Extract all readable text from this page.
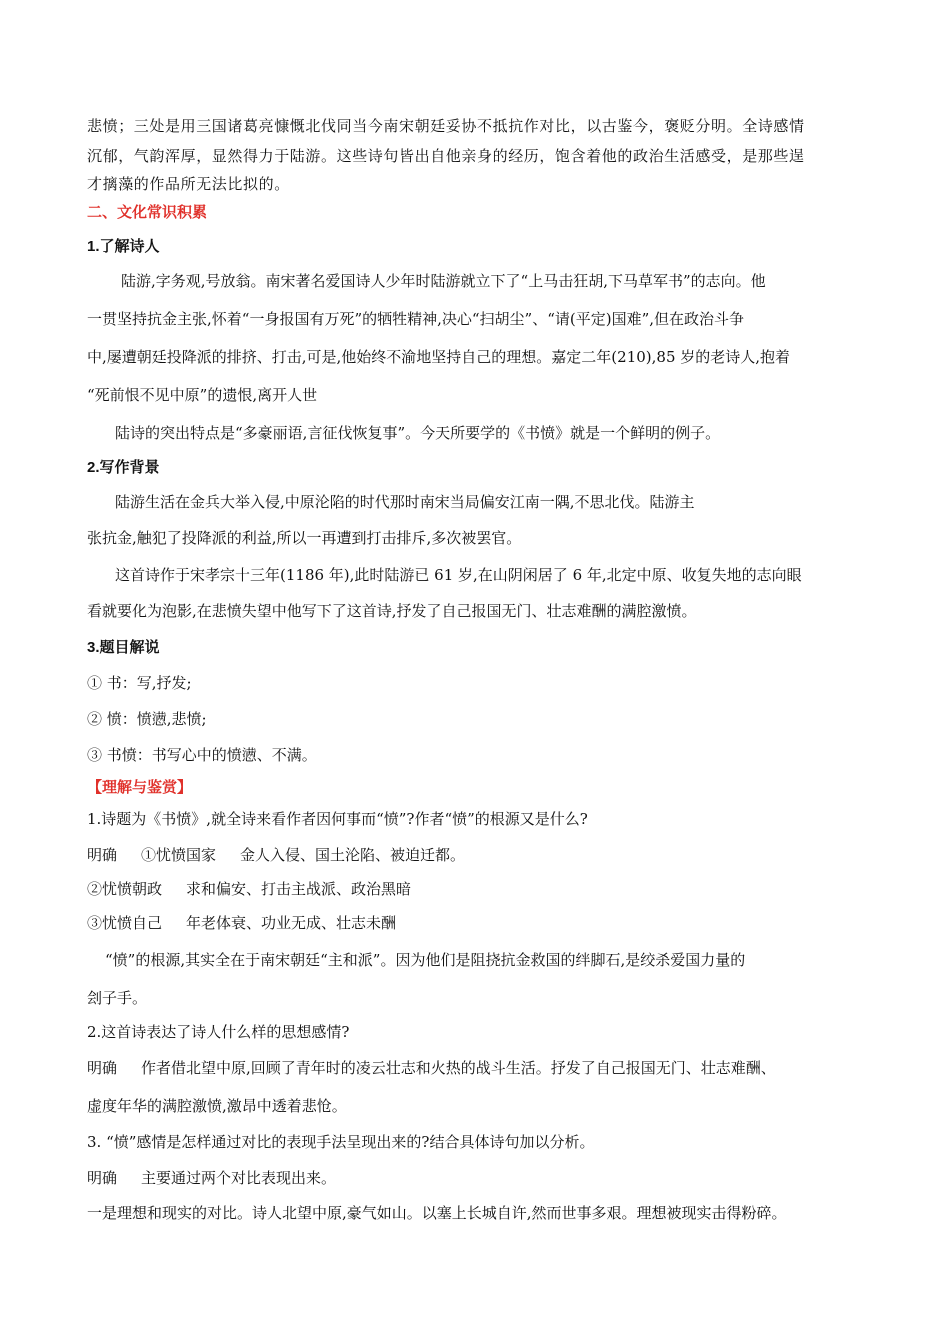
悲愤；三处是用三国诸葛亮慷慨北伐同当今南宋朝廷妥协不抵抗作对比，以古鉴今，褒贬分明。全诗感情
沉郁，气韵浑厚，显然得力于陆游。这些诗句皆出自他亲身的经历，饱含着他的政治生活感受，是那些逞
才摛藻的作品所无法比拟的。
二、文化常识积累
1.了解诗人
陆游,字务观,号放翁。南宋著名爱国诗人少年时陆游就立下了“上马击狂胡,下马草军书”的志向。他
一贯坚持抗金主张,怀着“一身报国有万死”的牺牲精神,决心“扫胡尘”、“请(平定)国难”,但在政治斗争
中,屡遭朝廷投降派的排挤、打击,可是,他始终不渝地坚持自己的理想。嘉定二年(210),85 岁的老诗人,抱着
“死前恨不见中原”的遗恨,离开人世
陆诗的突出特点是“多豪丽语,言征伐恢复事”。今天所要学的《书愤》就是一个鲜明的例子。
2.写作背景
陆游生活在金兵大举入侵,中原沦陷的时代那时南宋当局偏安江南一隅,不思北伐。陆游主
张抗金,触犯了投降派的利益,所以一再遭到打击排斥,多次被罢官。
这首诗作于宋孝宗十三年(1186 年),此时陆游已 61 岁,在山阴闲居了 6 年,北定中原、收复失地的志向眼
看就要化为泡影,在悲愤失望中他写下了这首诗,抒发了自己报国无门、壮志难酬的满腔激愤。
3.题目解说
① 书：写,抒发;
② 愤：愤懑,悲愤;
③ 书愤：书写心中的愤懑、不满。
【理解与鉴赏】
1.诗题为《书愤》,就全诗来看作者因何事而“愤”?作者“愤”的根源又是什么?
明确 ①忧愤国家 金人入侵、国土沦陷、被迫迁都。
②忧愤朝政 求和偏安、打击主战派、政治黑暗
③忧愤自己 年老体衰、功业无成、壮志未酬
“愤”的根源,其实全在于南宋朝廷“主和派”。因为他们是阻挠抗金救国的绊脚石,是绞杀爱国力量的
刽子手。
2.这首诗表达了诗人什么样的思想感情?
明确 作者借北望中原,回顾了青年时的凌云壮志和火热的战斗生活。抒发了自己报国无门、壮志难酬、
虚度年华的满腔激愤,激昂中透着悲怆。
3. “愤”感情是怎样通过对比的表现手法呈现出来的?结合具体诗句加以分析。
明确 主要通过两个对比表现出来。
一是理想和现实的对比。诗人北望中原,豪气如山。以塞上长城自许,然而世事多艰。理想被现实击得粉碎。
